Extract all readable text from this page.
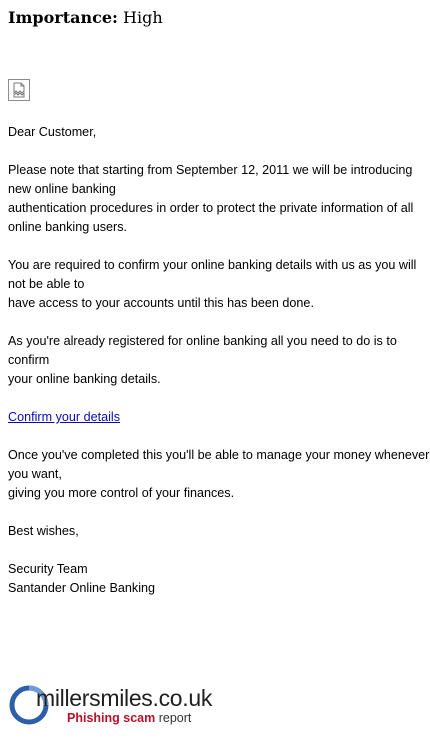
Importance: High

Dear Customer,

Please note that starting from September 12, 2011 we will be introducing
new online banking
authentication procedures in order to protect the private information of all
online banking users.

You are required to confirm your online banking details with us as you will
not be able to
have access to your accounts until this has been done.

As you're already registered for online banking all you need to do is to
confirm
your online banking details.

Confirm your details

Once you've completed this you'll be able to manage your money whenever
you want,
giving you more control of your finances.

Best wishes,

Security Team
Santander Online Banking

millersmiles.co.uk
Phishing scam report
